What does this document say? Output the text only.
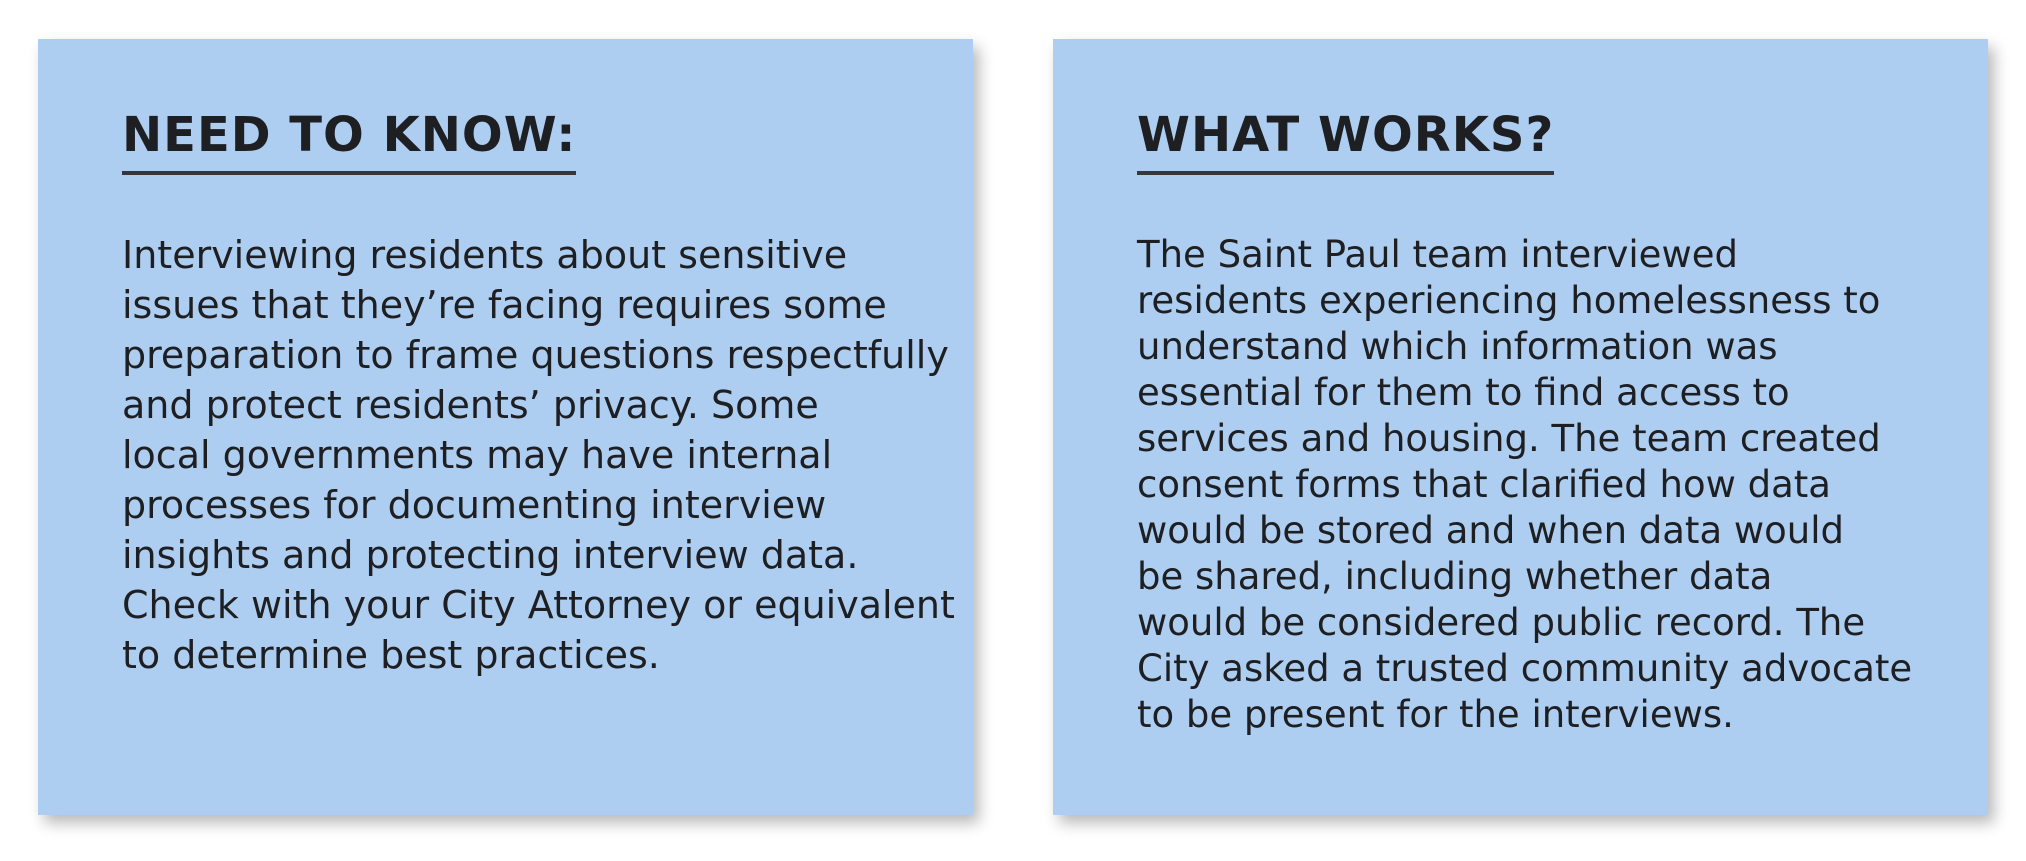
NEED TO KNOW:

Interviewing residents about sensitive
issues that they’re facing requires some
preparation to frame questions respectfully
and protect residents’ privacy. Some
local governments may have internal
processes for documenting interview
insights and protecting interview data.
Check with your City Attorney or equivalent
to determine best practices.

WHAT WORKS?

The Saint Paul team interviewed
residents experiencing homelessness to
understand which information was
essential for them to find access to
services and housing. The team created
consent forms that clarified how data
would be stored and when data would
be shared, including whether data
would be considered public record. The
City asked a trusted community advocate
to be present for the interviews.
